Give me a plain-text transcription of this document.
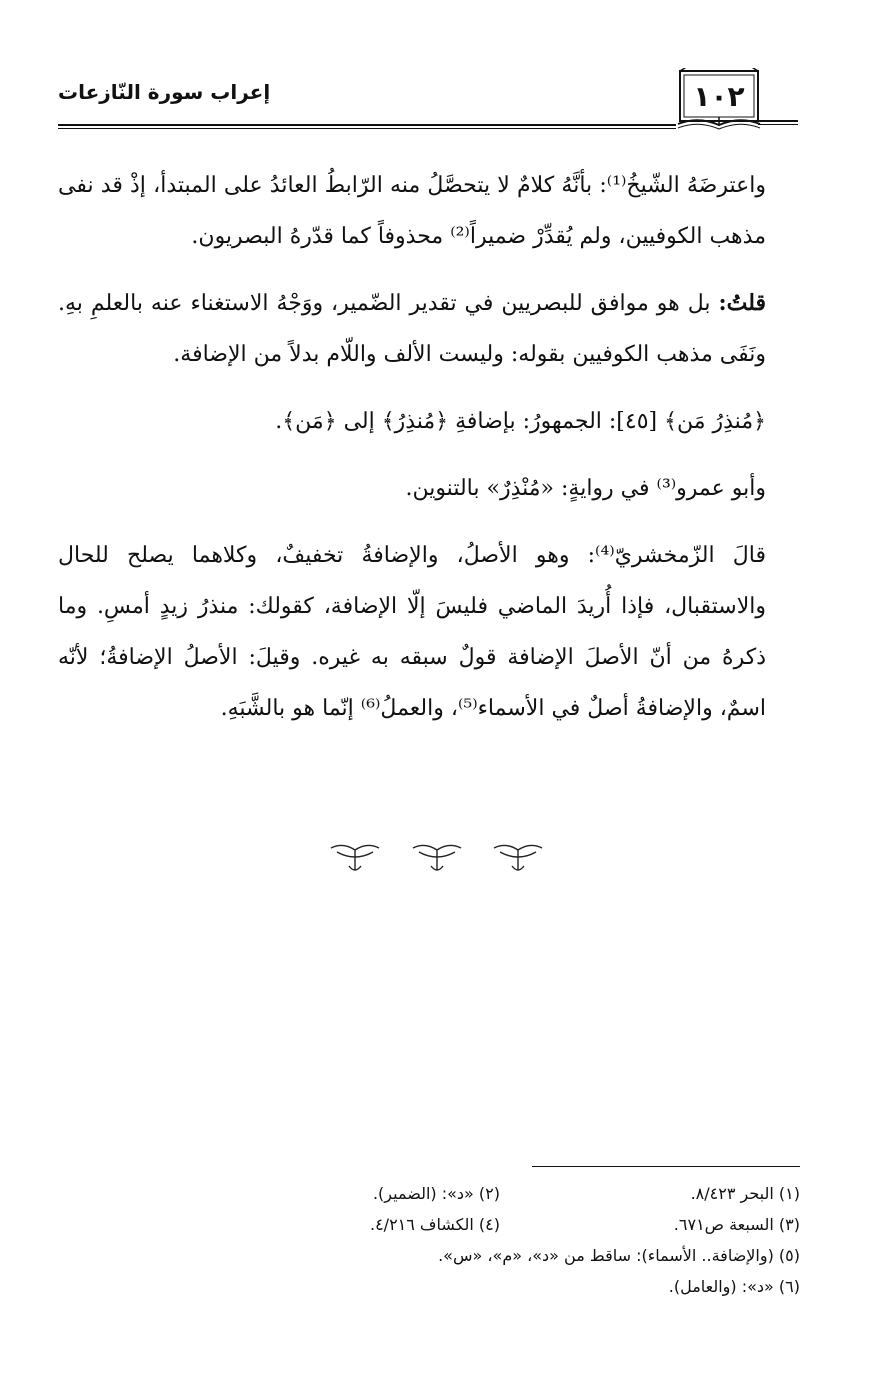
إعراب سورة النّازعات	١٠٢

واعترضَهُ الشّيخُ⁽¹⁾: بأنَّهُ كلامٌ لا يتحصَّلُ منه الرّابطُ العائدُ على المبتدأ، إذْ قد نفى مذهب الكوفيين، ولم يُقدِّرْ ضميراً⁽²⁾ محذوفاً كما قدّرهُ البصريون.

قلتُ: بل هو موافق للبصريين في تقدير الضّمير، ووَجْهُ الاستغناء عنه بالعلمِ بهِ. ونَفَى مذهب الكوفيين بقوله: وليست الألف واللّام بدلاً من الإضافة.

﴿مُنذِرُ مَن﴾ [٤٥]: الجمهورُ: بإضافةِ ﴿مُنذِرُ﴾ إلى ﴿مَن﴾.

وأبو عمرو⁽³⁾ في روايةٍ: «مُنْذِرٌ» بالتنوين.

قالَ الزّمخشريّ⁽⁴⁾: وهو الأصلُ، والإضافةُ تخفيفٌ، وكلاهما يصلح للحال والاستقبال، فإذا أُريدَ الماضي فليسَ إلّا الإضافة، كقولك: منذرُ زيدٍ أمسِ. وما ذكرهُ من أنّ الأصلَ الإضافة قولٌ سبقه به غيره. وقيلَ: الأصلُ الإضافةُ؛ لأنّه اسمٌ، والإضافةُ أصلٌ في الأسماء⁽⁵⁾، والعملُ⁽⁶⁾ إنّما هو بالشَّبَهِ.

(١) البحر ٨/٤٢٣.(٢) «د»: (الضمير).
(٣) السبعة ص٦٧١.(٤) الكشاف ٤/٢١٦.
(٥) (والإضافة.. الأسماء): ساقط من «د»، «م»، «س».
(٦) «د»: (والعامل).
